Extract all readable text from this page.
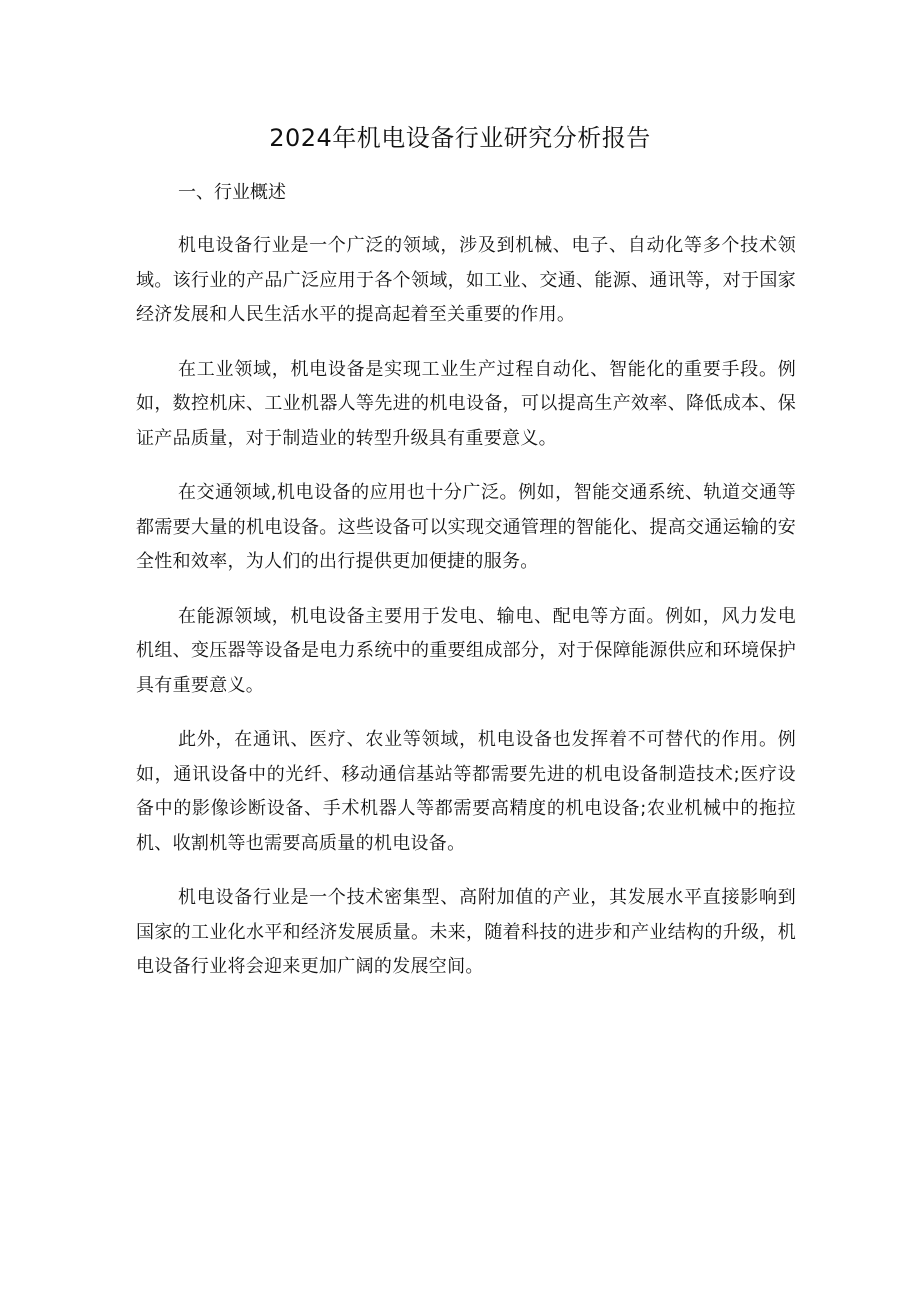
2024年机电设备行业研究分析报告
一、行业概述

机电设备行业是一个广泛的领域，涉及到机械、电子、自动化等多个技术领域。该行业的产品广泛应用于各个领域，如工业、交通、能源、通讯等，对于国家经济发展和人民生活水平的提高起着至关重要的作用。

在工业领域，机电设备是实现工业生产过程自动化、智能化的重要手段。例如，数控机床、工业机器人等先进的机电设备，可以提高生产效率、降低成本、保证产品质量，对于制造业的转型升级具有重要意义。

在交通领域,机电设备的应用也十分广泛。例如，智能交通系统、轨道交通等都需要大量的机电设备。这些设备可以实现交通管理的智能化、提高交通运输的安全性和效率，为人们的出行提供更加便捷的服务。

在能源领域，机电设备主要用于发电、输电、配电等方面。例如，风力发电机组、变压器等设备是电力系统中的重要组成部分，对于保障能源供应和环境保护具有重要意义。

此外，在通讯、医疗、农业等领域，机电设备也发挥着不可替代的作用。例如，通讯设备中的光纤、移动通信基站等都需要先进的机电设备制造技术;医疗设备中的影像诊断设备、手术机器人等都需要高精度的机电设备;农业机械中的拖拉机、收割机等也需要高质量的机电设备。

机电设备行业是一个技术密集型、高附加值的产业，其发展水平直接影响到国家的工业化水平和经济发展质量。未来，随着科技的进步和产业结构的升级，机电设备行业将会迎来更加广阔的发展空间。
